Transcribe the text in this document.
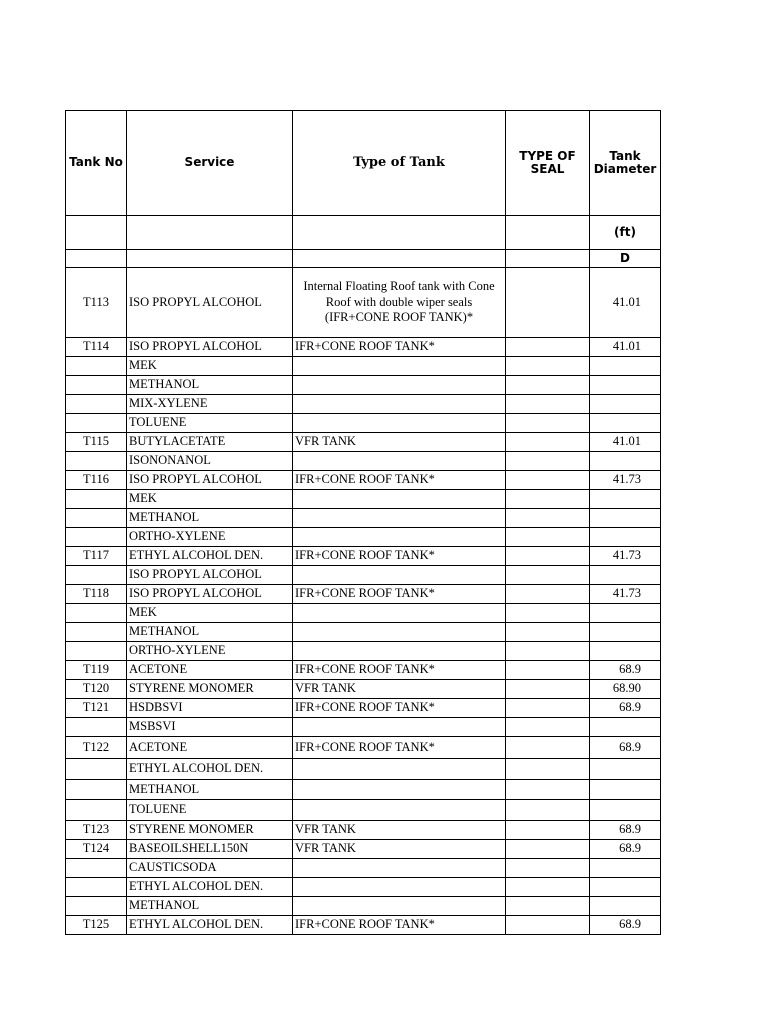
Tank No	Service	Type of Tank	TYPE OF SEAL	Tank Diameter
				(ft)
				D
T113	ISO PROPYL ALCOHOL	Internal Floating Roof tank with Cone Roof with double wiper seals (IFR+CONE ROOF TANK)*		41.01
T114	ISO PROPYL ALCOHOL	IFR+CONE ROOF TANK*		41.01
	MEK			
	METHANOL			
	MIX-XYLENE			
	TOLUENE			
T115	BUTYLACETATE	VFR TANK		41.01
	ISONONANOL			
T116	ISO PROPYL ALCOHOL	IFR+CONE ROOF TANK*		41.73
	MEK			
	METHANOL			
	ORTHO-XYLENE			
T117	ETHYL ALCOHOL DEN.	IFR+CONE ROOF TANK*		41.73
	ISO PROPYL ALCOHOL			
T118	ISO PROPYL ALCOHOL	IFR+CONE ROOF TANK*		41.73
	MEK			
	METHANOL			
	ORTHO-XYLENE			
T119	ACETONE	IFR+CONE ROOF TANK*		68.9
T120	STYRENE MONOMER	VFR TANK		68.90
T121	HSDBSVI	IFR+CONE ROOF TANK*		68.9
	MSBSVI			
T122	ACETONE	IFR+CONE ROOF TANK*		68.9
	ETHYL ALCOHOL DEN.			
	METHANOL			
	TOLUENE			
T123	STYRENE MONOMER	VFR TANK		68.9
T124	BASEOILSHELL150N	VFR TANK		68.9
	CAUSTICSODA			
	ETHYL ALCOHOL DEN.			
	METHANOL			
T125	ETHYL ALCOHOL DEN.	IFR+CONE ROOF TANK*		68.9
